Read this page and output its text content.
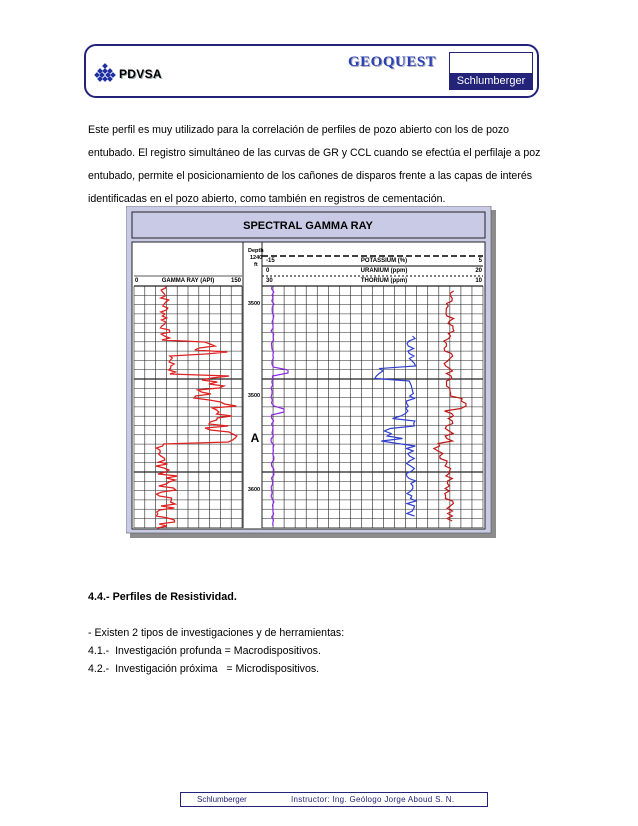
PDVSA
GEOQUEST
Schlumberger

Este perfil es muy utilizado para la correlación de perfiles de pozo abierto con los de pozo

entubado. El registro simultáneo de las curvas de GR y CCL cuando se efectúa el perfilaje a poz

entubado, permite el posicionamiento de los cañones de disparos frente a las capas de interés

identificadas en el pozo abierto, como también en registros de cementación.

SPECTRAL GAMMA RAY
Depth
1240
ft
0	GAMMA RAY (API)	150
-15	POTASSIUM (%)	5
0	URANIUM (ppm)	20
30	THORIUM (ppm)	10
3500
3500
3600
A
4.4.- Perfiles de Resistividad.

- Existen 2 tipos de investigaciones y de herramientas:

4.1.-  Investigación profunda = Macrodispositivos.

4.2.-  Investigación próxima   = Microdispositivos.

Schlumberger	Instructor: Ing. Geólogo Jorge Aboud S. N.
